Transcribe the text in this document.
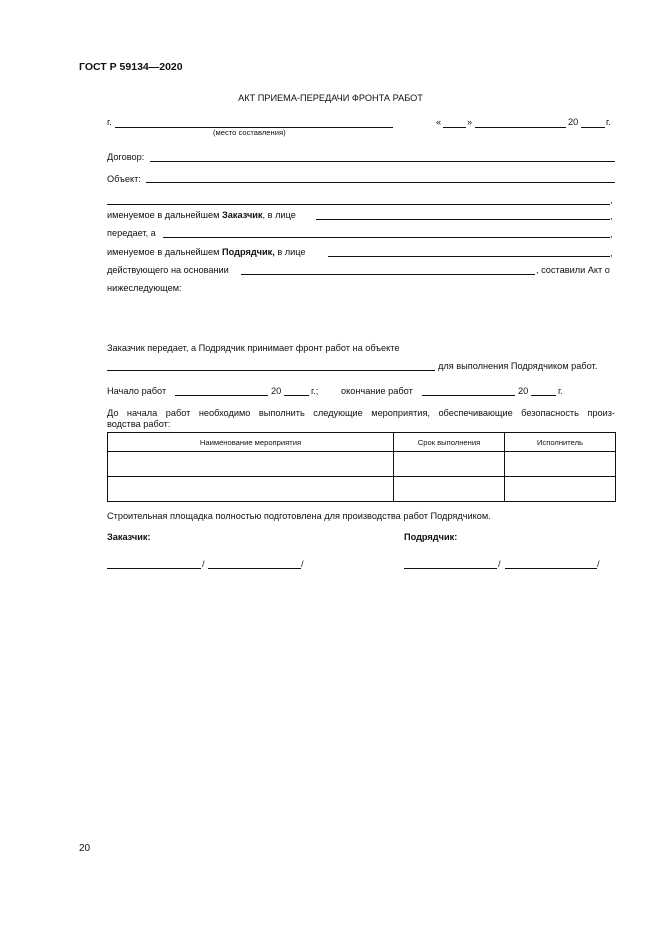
ГОСТ Р 59134—2020
АКТ ПРИЕМА-ПЕРЕДАЧИ ФРОНТА РАБОТ
г.
(место составления)
«	»	20	г.
Договор:
Объект:
,
именуемое в дальнейшем Заказчик, в лице	,
передает, а	,
именуемое в дальнейшем Подрядчик, в лице	,
действующего на основании	, составили Акт о
нижеследующем:
Заказчик передает, а Подрядчик принимает фронт работ на объекте
для выполнения Подрядчиком работ.
Начало работ	20	г.; окончание работ	20	г.
До начала работ необходимо выполнить следующие мероприятия, обеспечивающие безопасность произ-
водства работ:
Наименование мероприятия	Срок выполнения	Исполнитель

Строительная площадка полностью подготовлена для производства работ Подрядчиком.
Заказчик:	Подрядчик:
/	/	/	/
20
